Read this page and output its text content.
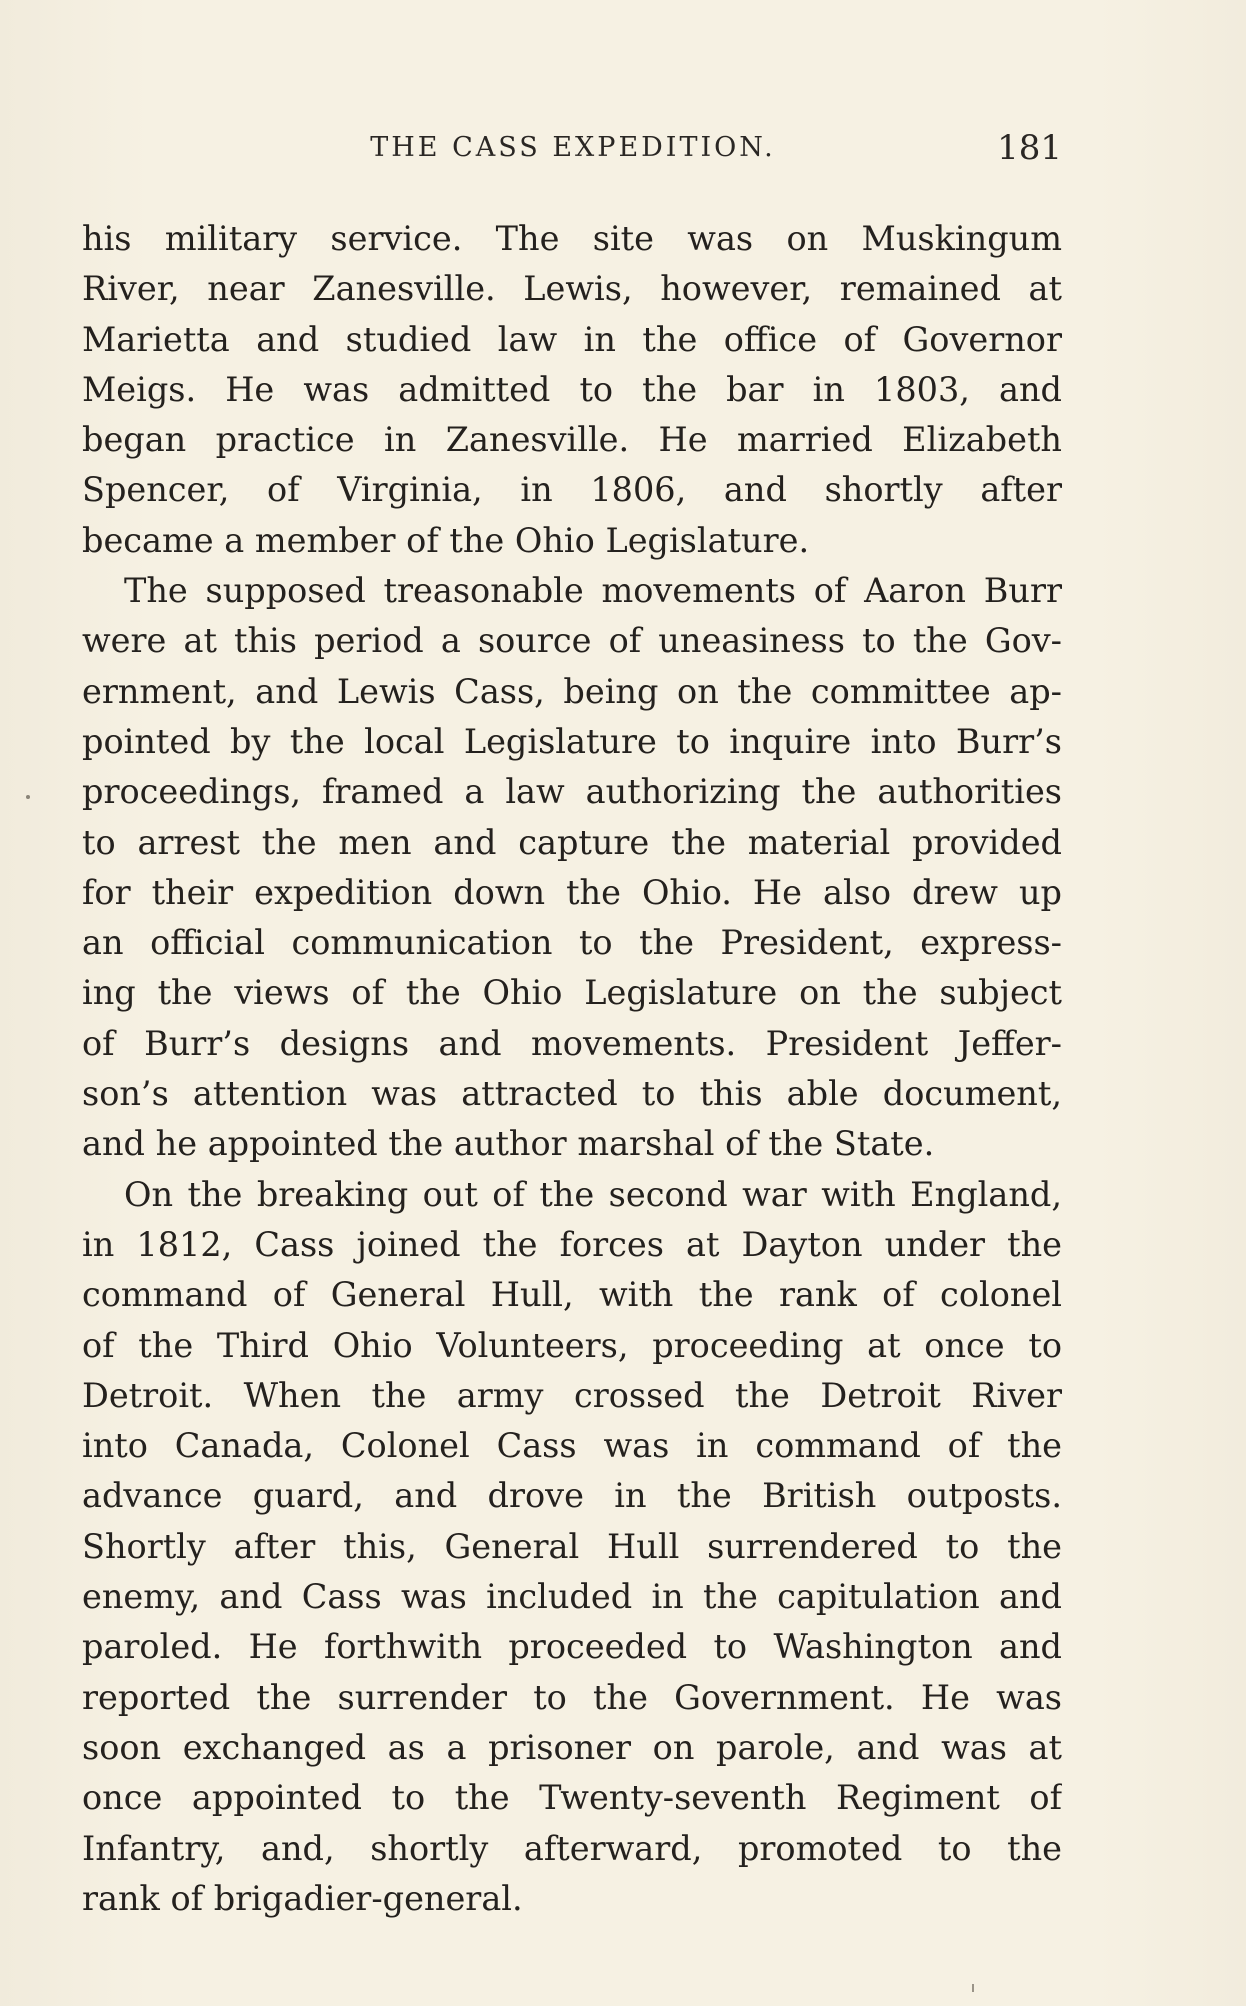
THE CASS EXPEDITION.	181
his military service. The site was on Muskingum
River, near Zanesville. Lewis, however, remained at
Marietta and studied law in the office of Governor
Meigs. He was admitted to the bar in 1803, and
began practice in Zanesville. He married Elizabeth
Spencer, of Virginia, in 1806, and shortly after
became a member of the Ohio Legislature.
The supposed treasonable movements of Aaron Burr
were at this period a source of uneasiness to the Gov-
ernment, and Lewis Cass, being on the committee ap-
pointed by the local Legislature to inquire into Burr’s
proceedings, framed a law authorizing the authorities
to arrest the men and capture the material provided
for their expedition down the Ohio. He also drew up
an official communication to the President, express-
ing the views of the Ohio Legislature on the subject
of Burr’s designs and movements. President Jeffer-
son’s attention was attracted to this able document,
and he appointed the author marshal of the State.
On the breaking out of the second war with England,
in 1812, Cass joined the forces at Dayton under the
command of General Hull, with the rank of colonel
of the Third Ohio Volunteers, proceeding at once to
Detroit. When the army crossed the Detroit River
into Canada, Colonel Cass was in command of the
advance guard, and drove in the British outposts.
Shortly after this, General Hull surrendered to the
enemy, and Cass was included in the capitulation and
paroled. He forthwith proceeded to Washington and
reported the surrender to the Government. He was
soon exchanged as a prisoner on parole, and was at
once appointed to the Twenty-seventh Regiment of
Infantry, and, shortly afterward, promoted to the
rank of brigadier-general.
